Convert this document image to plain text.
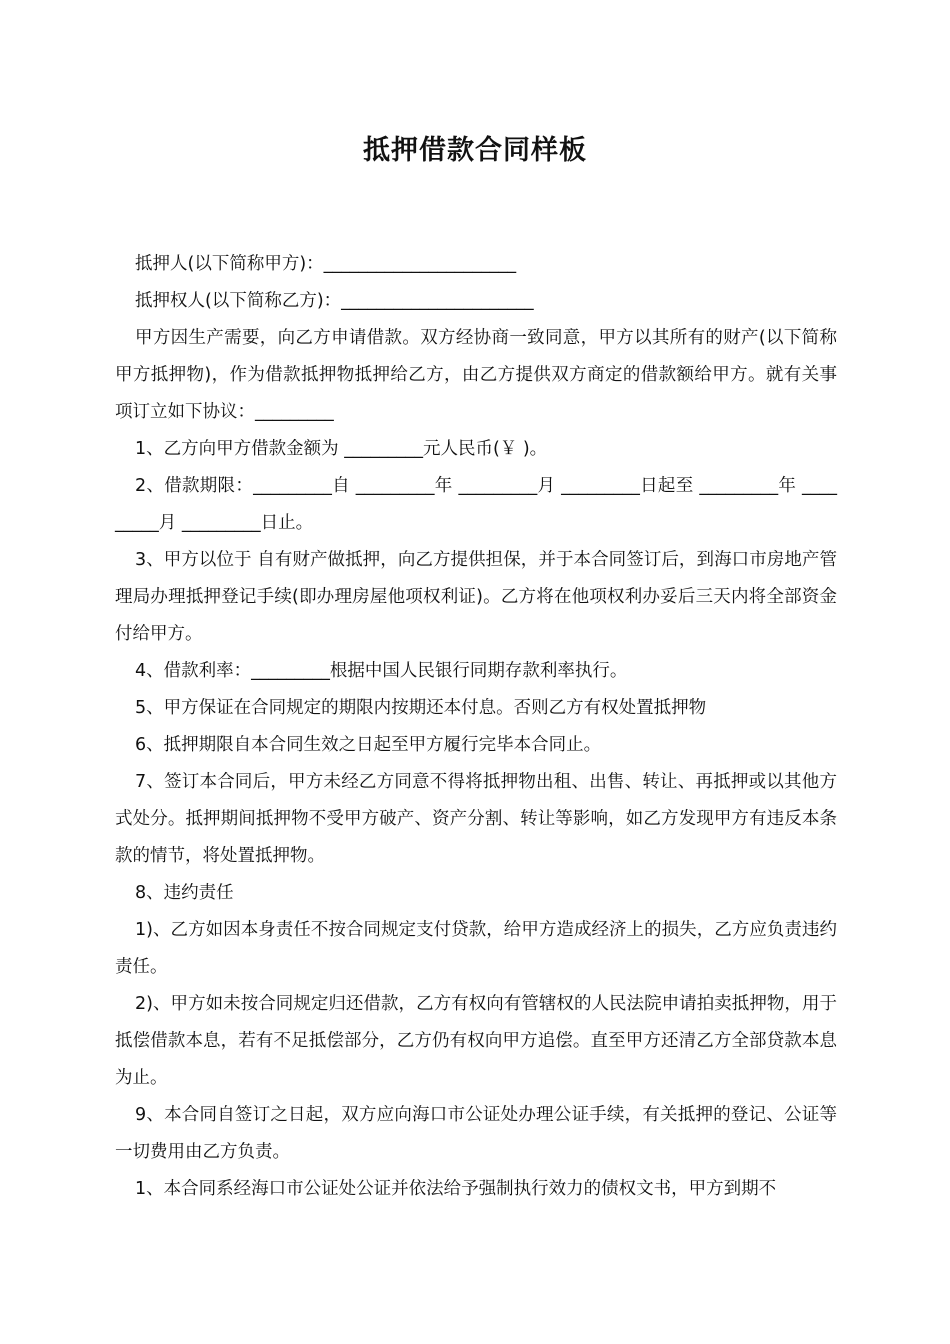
抵押借款合同样板

抵押人(以下简称甲方)：______________________

抵押权人(以下简称乙方)：______________________

甲方因生产需要，向乙方申请借款。双方经协商一致同意，甲方以其所有的财产(以下简称甲方抵押物)，作为借款抵押物抵押给乙方，由乙方提供双方商定的借款额给甲方。就有关事项订立如下协议：_________

1、乙方向甲方借款金额为 _________元人民币(￥ )。

2、借款期限：_________自 _________年 _________月 _________日起至 _________年 _________月 _________日止。

3、甲方以位于 自有财产做抵押，向乙方提供担保，并于本合同签订后，到海口市房地产管理局办理抵押登记手续(即办理房屋他项权利证)。乙方将在他项权利办妥后三天内将全部资金付给甲方。

4、借款利率：_________根据中国人民银行同期存款利率执行。

5、甲方保证在合同规定的期限内按期还本付息。否则乙方有权处置抵押物

6、抵押期限自本合同生效之日起至甲方履行完毕本合同止。

7、签订本合同后，甲方未经乙方同意不得将抵押物出租、出售、转让、再抵押或以其他方式处分。抵押期间抵押物不受甲方破产、资产分割、转让等影响，如乙方发现甲方有违反本条款的情节，将处置抵押物。

8、违约责任

1)、乙方如因本身责任不按合同规定支付贷款，给甲方造成经济上的损失，乙方应负责违约责任。

2)、甲方如未按合同规定归还借款，乙方有权向有管辖权的人民法院申请拍卖抵押物，用于抵偿借款本息，若有不足抵偿部分，乙方仍有权向甲方追偿。直至甲方还清乙方全部贷款本息为止。

9、本合同自签订之日起，双方应向海口市公证处办理公证手续，有关抵押的登记、公证等一切费用由乙方负责。

1、本合同系经海口市公证处公证并依法给予强制执行效力的债权文书，甲方到期不
